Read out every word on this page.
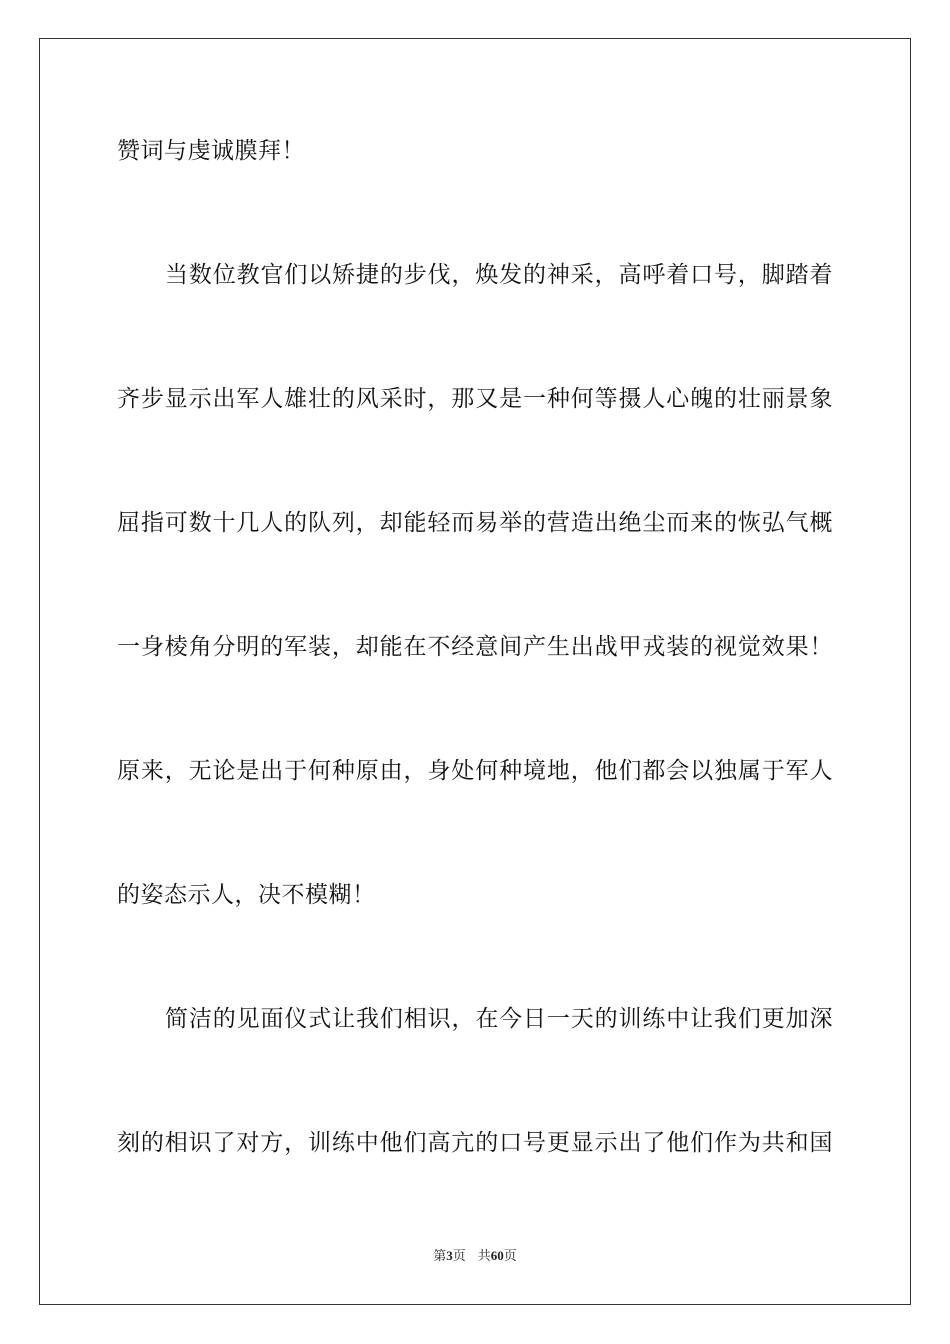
赞词与虔诚膜拜！
当数位教官们以矫捷的步伐，焕发的神采，高呼着口号，脚踏着
齐步显示出军人雄壮的风采时，那又是一种何等摄人心魄的壮丽景象
屈指可数十几人的队列，却能轻而易举的营造出绝尘而来的恢弘气概
一身棱角分明的军装，却能在不经意间产生出战甲戎装的视觉效果！
原来，无论是出于何种原由，身处何种境地，他们都会以独属于军人
的姿态示人，决不模糊！
简洁的见面仪式让我们相识，在今日一天的训练中让我们更加深
刻的相识了对方，训练中他们高亢的口号更显示出了他们作为共和国
第3页 共60页
